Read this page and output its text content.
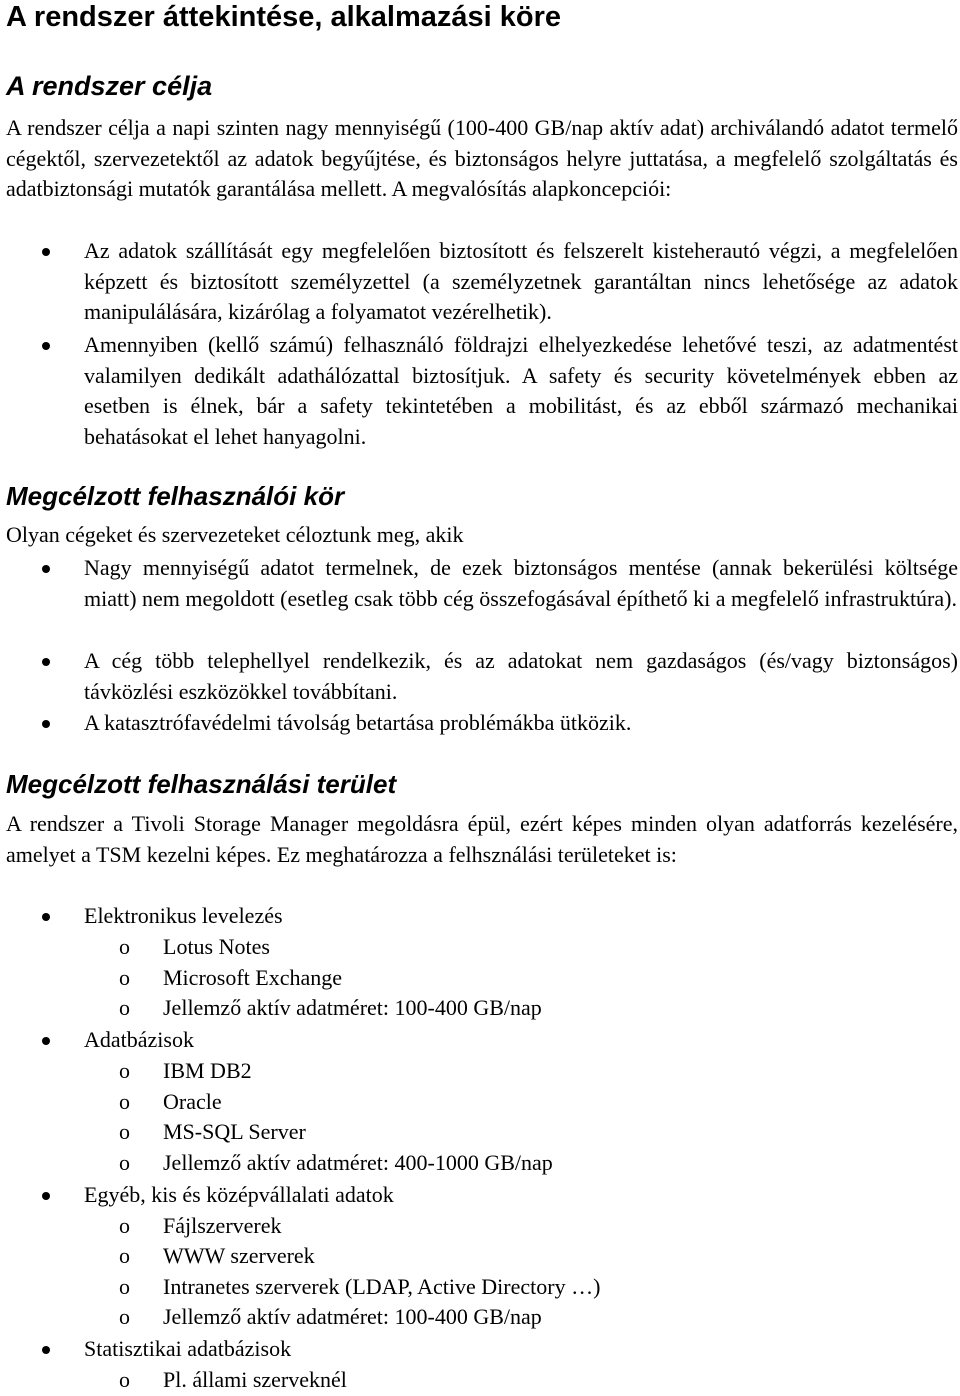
A rendszer áttekintése, alkalmazási köre
A rendszer célja

A rendszer célja a napi szinten nagy mennyiségű (100-400 GB/nap aktív adat) archiválandó adatot termelő cégektől, szervezetektől az adatok begyűjtése, és biztonságos helyre juttatása, a megfelelő szolgáltatás és adatbiztonsági mutatók garantálása mellett. A megvalósítás alapkoncepciói:

Az adatok szállítását egy megfelelően biztosított és felszerelt kisteherautó végzi, a megfelelően képzett és biztosított személyzettel (a személyzetnek garantáltan nincs lehetősége az adatok manipulálására, kizárólag a folyamatot vezérelhetik).

Amennyiben (kellő számú) felhasználó földrajzi elhelyezkedése lehetővé teszi, az adatmentést valamilyen dedikált adathálózattal biztosítjuk. A safety és security követelmények ebben az esetben is élnek, bár a safety tekintetében a mobilitást, és az ebből származó mechanikai behatásokat el lehet hanyagolni.

Megcélzott felhasználói kör
Olyan cégeket és szervezeteket céloztunk meg, akik

Nagy mennyiségű adatot termelnek, de ezek biztonságos mentése (annak bekerülési költsége miatt) nem megoldott (esetleg csak több cég összefogásával építhető ki a megfelelő infrastruktúra).

A cég több telephellyel rendelkezik, és az adatokat nem gazdaságos (és/vagy biztonságos) távközlési eszközökkel továbbítani.

A katasztrófavédelmi távolság betartása problémákba ütközik.

Megcélzott felhasználási terület

A rendszer a Tivoli Storage Manager megoldásra épül, ezért képes minden olyan adatforrás kezelésére, amelyet a TSM kezelni képes. Ez meghatározza a felhsználási területeket is:

Elektronikus levelezés
o Lotus Notes
o Microsoft Exchange
o Jellemző aktív adatméret: 100-400 GB/nap
Adatbázisok
o IBM DB2
o Oracle
o MS-SQL Server
o Jellemző aktív adatméret: 400-1000 GB/nap
Egyéb, kis és középvállalati adatok
o Fájlszerverek
o WWW szerverek
o Intranetes szerverek (LDAP, Active Directory …)
o Jellemző aktív adatméret: 100-400 GB/nap
Statisztikai adatbázisok
o Pl. állami szerveknél
